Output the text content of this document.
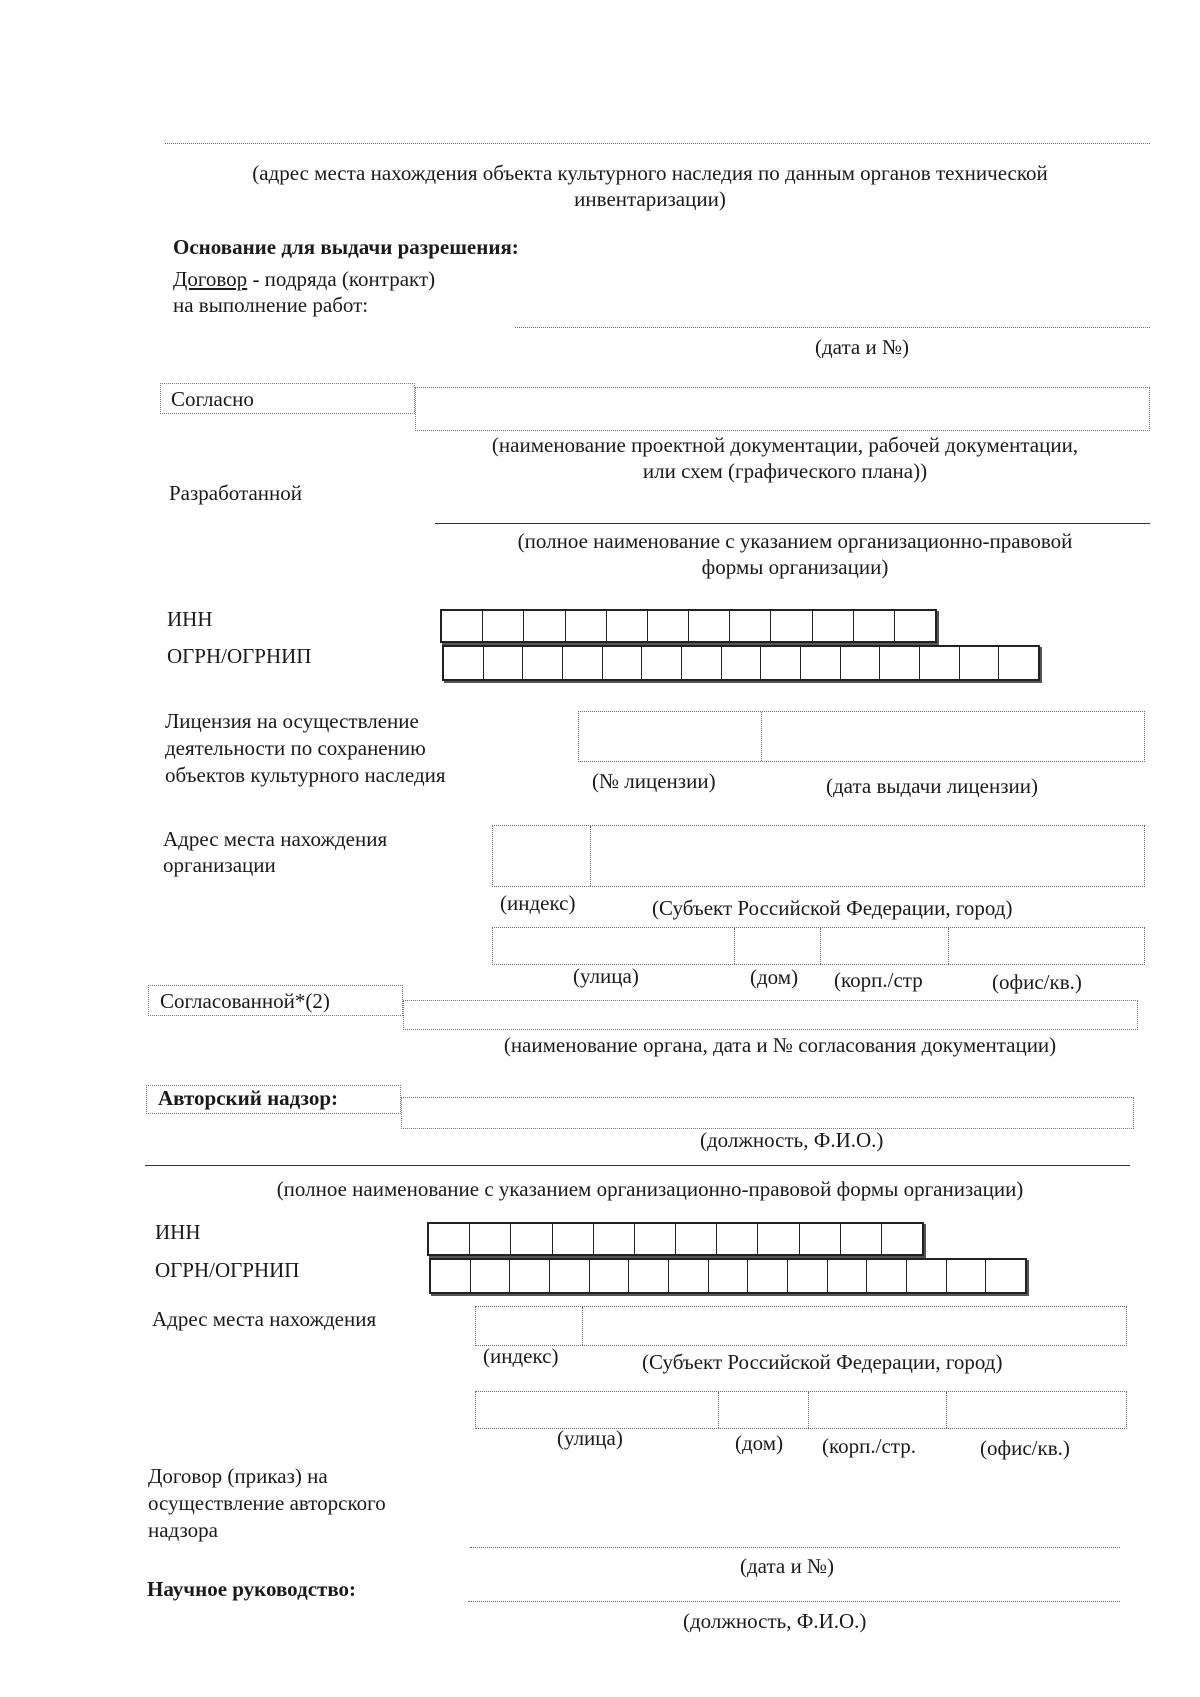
(адрес места нахождения объекта культурного наследия по данным органов технической
инвентаризации)
Основание для выдачи разрешения:
Договор - подряда (контракт)
на выполнение работ:
(дата и №)
Согласно
(наименование проектной документации, рабочей документации,
или схем (графического плана))
Разработанной
(полное наименование с указанием организационно-правовой
формы организации)
ИНН
ОГРН/ОГРНИП
Лицензия на осуществление
деятельности по сохранению
объектов культурного наследия	(№ лицензии)	(дата выдачи лицензии)
Адрес места нахождения
организации
(индекс)	(Субъект Российской Федерации, город)
(улица)	(дом) (корп./стр	(офис/кв.)
Согласованной*(2)
(наименование органа, дата и № согласования документации)
Авторский надзор:
(должность, Ф.И.О.)
(полное наименование с указанием организационно-правовой формы организации)
ИНН
ОГРН/ОГРНИП
Адрес места нахождения
(индекс)	(Субъект Российской Федерации, город)
(улица)	(дом) (корп./стр.	(офис/кв.)
Договор (приказ) на
осуществление авторского
надзора
(дата и №)
Научное руководство:
(должность, Ф.И.О.)
